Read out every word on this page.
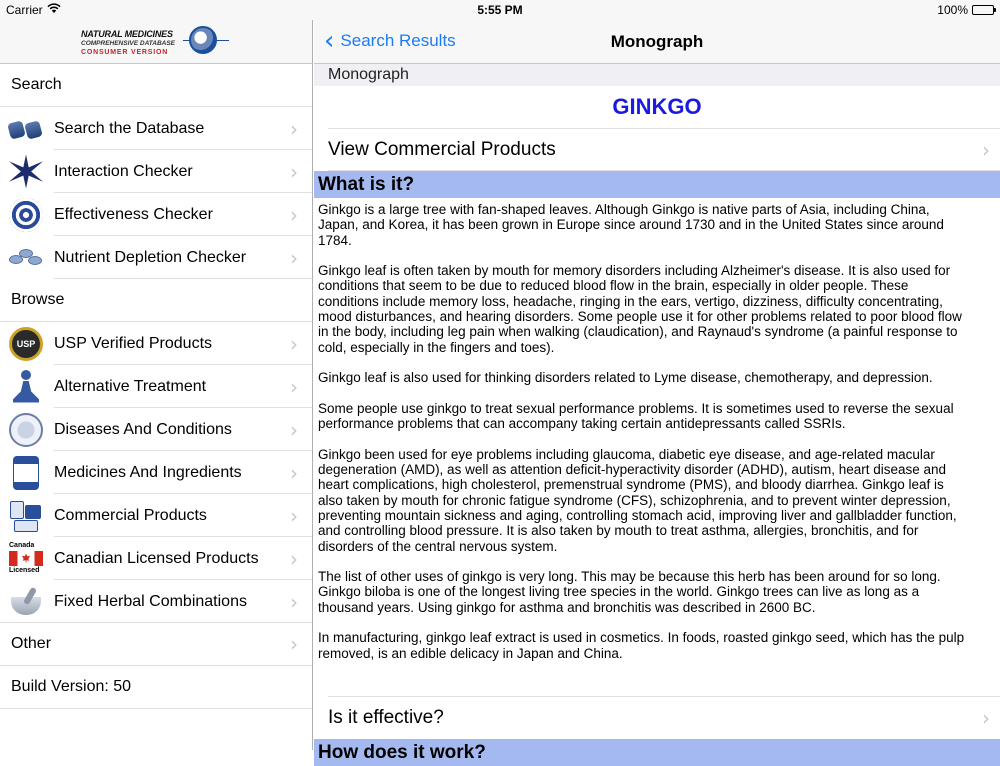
Carrier	5:55 PM	100%
NATURAL MEDICINES
COMPREHENSIVE DATABASE
CONSUMER VERSION
Search
Search the Database	›
Interaction Checker	›
Effectiveness Checker	›
Nutrient Depletion Checker	›
Browse
USP	USP Verified Products	›
Alternative Treatment	›
Diseases And Conditions	›
Medicines And Ingredients	›
Commercial Products	›
Canada
Licensed
Canadian Licensed Products	›
Fixed Herbal Combinations	›
Other	›
Build Version: 50
‹ Search Results	Monograph
Monograph
GINKGO
View Commercial Products	›
What is it?

Ginkgo is a large tree with fan-shaped leaves. Although Ginkgo is native parts of Asia, including China, Japan, and Korea, it has been grown in Europe since around 1730 and in the United States since around 1784.

Ginkgo leaf is often taken by mouth for memory disorders including Alzheimer's disease. It is also used for conditions that seem to be due to reduced blood flow in the brain, especially in older people. These conditions include memory loss, headache, ringing in the ears, vertigo, dizziness, difficulty concentrating, mood disturbances, and hearing disorders. Some people use it for other problems related to poor blood flow in the body, including leg pain when walking (claudication), and Raynaud's syndrome (a painful response to cold, especially in the fingers and toes).

Ginkgo leaf is also used for thinking disorders related to Lyme disease, chemotherapy, and depression.

Some people use ginkgo to treat sexual performance problems. It is sometimes used to reverse the sexual performance problems that can accompany taking certain antidepressants called SSRIs.

Ginkgo been used for eye problems including glaucoma, diabetic eye disease, and age-related macular degeneration (AMD), as well as attention deficit-hyperactivity disorder (ADHD), autism, heart disease and heart complications, high cholesterol, premenstrual syndrome (PMS), and bloody diarrhea. Ginkgo leaf is also taken by mouth for chronic fatigue syndrome (CFS), schizophrenia, and to prevent winter depression, preventing mountain sickness and aging, controlling stomach acid, improving liver and gallbladder function, and controlling blood pressure. It is also taken by mouth to treat asthma, allergies, bronchitis, and for disorders of the central nervous system.

The list of other uses of ginkgo is very long. This may be because this herb has been around for so long. Ginkgo biloba is one of the longest living tree species in the world. Ginkgo trees can live as long as a thousand years. Using ginkgo for asthma and bronchitis was described in 2600 BC.

In manufacturing, ginkgo leaf extract is used in cosmetics. In foods, roasted ginkgo seed, which has the pulp removed, is an edible delicacy in Japan and China.

Is it effective?	›
How does it work?
